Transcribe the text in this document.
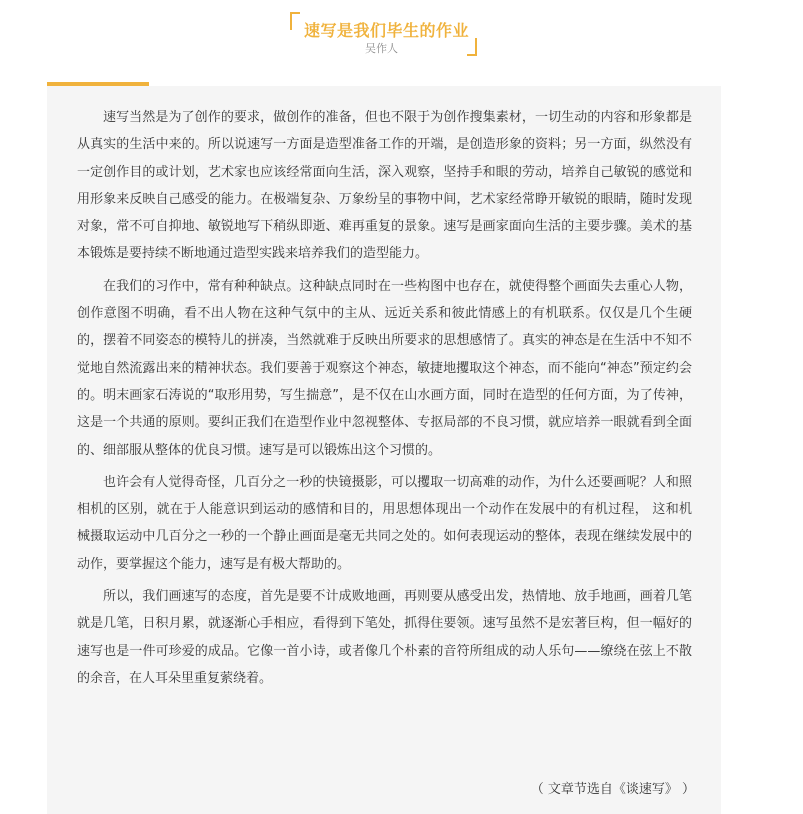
速写是我们毕生的作业
吴作人

速写当然是为了创作的要求，做创作的准备，但也不限于为创作搜集素材，一切生动的内容和形象都是从真实的生活中来的。所以说速写一方面是造型准备工作的开端，是创造形象的资料；另一方面，纵然没有一定创作目的或计划，艺术家也应该经常面向生活，深入观察，坚持手和眼的劳动，培养自己敏锐的感觉和用形象来反映自己感受的能力。在极端复杂、万象纷呈的事物中间，艺术家经常睁开敏锐的眼睛，随时发现对象，常不可自抑地、敏锐地写下稍纵即逝、难再重复的景象。速写是画家面向生活的主要步骤。美术的基本锻炼是要持续不断地通过造型实践来培养我们的造型能力。

在我们的习作中，常有种种缺点。这种缺点同时在一些构图中也存在，就使得整个画面失去重心人物，创作意图不明确，看不出人物在这种气氛中的主从、远近关系和彼此情感上的有机联系。仅仅是几个生硬的，摆着不同姿态的模特儿的拼凑，当然就难于反映出所要求的思想感情了。真实的神态是在生活中不知不觉地自然流露出来的精神状态。我们要善于观察这个神态，敏捷地攫取这个神态，而不能向“神态”预定约会的。明末画家石涛说的“取形用势，写生揣意”，是不仅在山水画方面，同时在造型的任何方面，为了传神，这是一个共通的原则。要纠正我们在造型作业中忽视整体、专抠局部的不良习惯，就应培养一眼就看到全面的、细部服从整体的优良习惯。速写是可以锻炼出这个习惯的。

也许会有人觉得奇怪，几百分之一秒的快镜摄影，可以攫取一切高难的动作，为什么还要画呢？人和照相机的区别，就在于人能意识到运动的感情和目的，用思想体现出一个动作在发展中的有机过程， 这和机械摄取运动中几百分之一秒的一个静止画面是毫无共同之处的。如何表现运动的整体，表现在继续发展中的动作，要掌握这个能力，速写是有极大帮助的。

所以，我们画速写的态度，首先是要不计成败地画，再则要从感受出发，热情地、放手地画，画着几笔就是几笔，日积月累，就逐渐心手相应，看得到下笔处，抓得住要领。速写虽然不是宏著巨构，但一幅好的速写也是一件可珍爱的成品。它像一首小诗，或者像几个朴素的音符所组成的动人乐句——缭绕在弦上不散的余音，在人耳朵里重复萦绕着。

（ 文章节选自《谈速写》 ）
